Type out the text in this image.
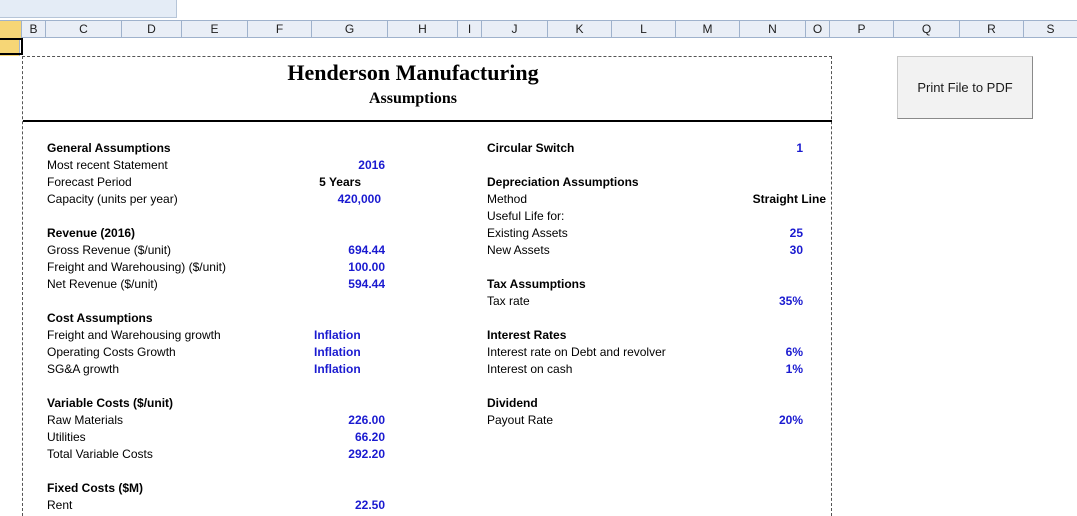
B	C	D	E	F	G	H	I	J	K	L	M	N	O	P	Q	R	S
Henderson Manufacturing
Assumptions
General Assumptions
Most recent Statement	2016
Forecast Period	5 Years
Capacity (units per year)	420,000
Revenue (2016)
Gross Revenue ($/unit)	694.44
Freight and Warehousing) ($/unit)	100.00
Net Revenue ($/unit)	594.44
Cost Assumptions
Freight and Warehousing growth	Inflation
Operating Costs Growth	Inflation
SG&A growth	Inflation
Variable Costs ($/unit)
Raw Materials	226.00
Utilities	66.20
Total Variable Costs	292.20
Fixed Costs ($M)
Rent	22.50
Circular Switch	1
Depreciation Assumptions
Method	Straight Line
Useful Life for:
Existing Assets	25
New Assets	30
Tax Assumptions
Tax rate	35%
Interest Rates
Interest rate on Debt and revolver	6%
Interest on cash	1%
Dividend
Payout Rate	20%
Print File to PDF
